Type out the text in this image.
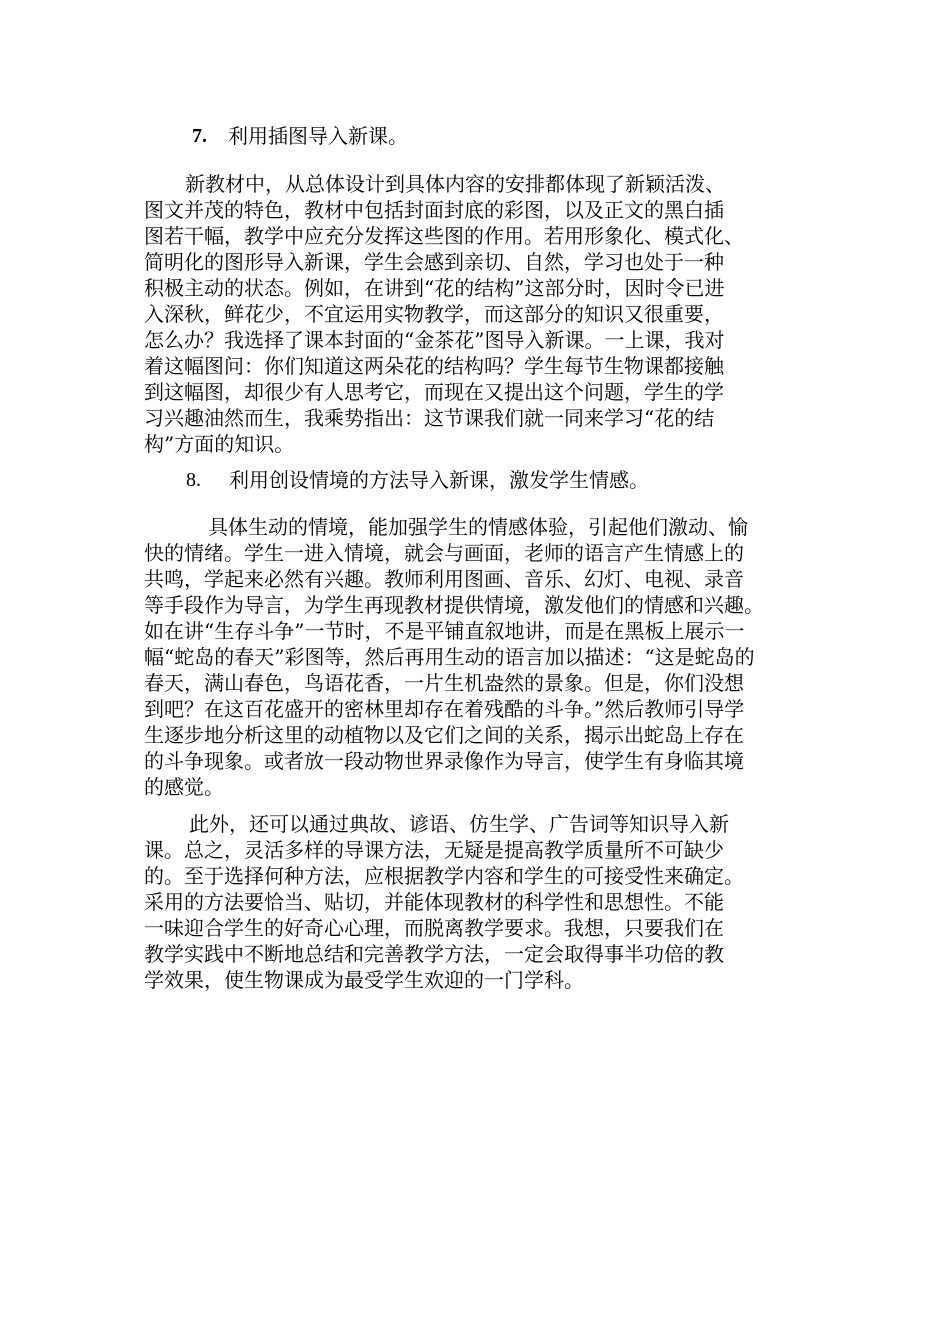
7. 利用插图导入新课。
新教材中，从总体设计到具体内容的安排都体现了新颖活泼、
图文并茂的特色，教材中包括封面封底的彩图，以及正文的黑白插
图若干幅，教学中应充分发挥这些图的作用。若用形象化、模式化、
简明化的图形导入新课，学生会感到亲切、自然，学习也处于一种
积极主动的状态。例如，在讲到“花的结构”这部分时，因时令已进
入深秋，鲜花少，不宜运用实物教学，而这部分的知识又很重要，
怎么办？我选择了课本封面的“金茶花”图导入新课。一上课，我对
着这幅图问：你们知道这两朵花的结构吗？学生每节生物课都接触
到这幅图，却很少有人思考它，而现在又提出这个问题，学生的学
习兴趣油然而生，我乘势指出：这节课我们就一同来学习“花的结
构”方面的知识。
8. 利用创设情境的方法导入新课，激发学生情感。
具体生动的情境，能加强学生的情感体验，引起他们激动、愉
快的情绪。学生一进入情境，就会与画面，老师的语言产生情感上的
共鸣，学起来必然有兴趣。教师利用图画、音乐、幻灯、电视、录音
等手段作为导言，为学生再现教材提供情境，激发他们的情感和兴趣。
如在讲“生存斗争”一节时，不是平铺直叙地讲，而是在黑板上展示一
幅“蛇岛的春天”彩图等，然后再用生动的语言加以描述：“这是蛇岛的
春天，满山春色，鸟语花香，一片生机盎然的景象。但是，你们没想
到吧？在这百花盛开的密林里却存在着残酷的斗争。”然后教师引导学
生逐步地分析这里的动植物以及它们之间的关系，揭示出蛇岛上存在
的斗争现象。或者放一段动物世界录像作为导言，使学生有身临其境
的感觉。
此外，还可以通过典故、谚语、仿生学、广告词等知识导入新
课。总之，灵活多样的导课方法，无疑是提高教学质量所不可缺少
的。至于选择何种方法，应根据教学内容和学生的可接受性来确定。
采用的方法要恰当、贴切，并能体现教材的科学性和思想性。不能
一味迎合学生的好奇心心理，而脱离教学要求。我想，只要我们在
教学实践中不断地总结和完善教学方法，一定会取得事半功倍的教
学效果，使生物课成为最受学生欢迎的一门学科。
